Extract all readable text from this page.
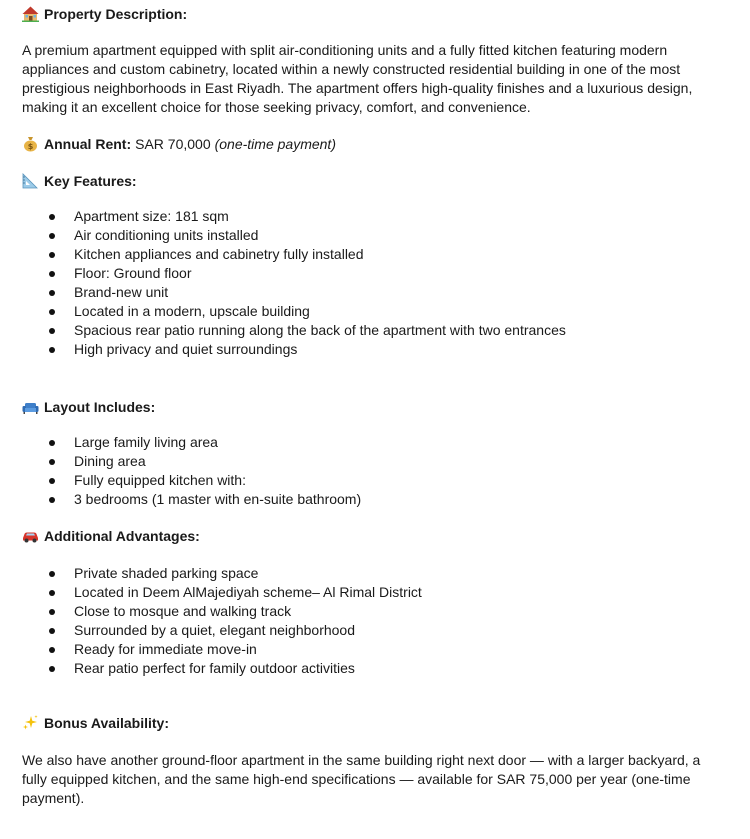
Property Description:

A premium apartment equipped with split air-conditioning units and a fully fitted kitchen featuring modern appliances and custom cabinetry, located within a newly constructed residential building in one of the most prestigious neighborhoods in East Riyadh. The apartment offers high-quality finishes and a luxurious design, making it an excellent choice for those seeking privacy, comfort, and convenience.

$ Annual Rent: SAR 70,000 (one-time payment)
Key Features:
Apartment size: 181 sqm
Air conditioning units installed
Kitchen appliances and cabinetry fully installed
Floor: Ground floor
Brand-new unit
Located in a modern, upscale building
Spacious rear patio running along the back of the apartment with two entrances
High privacy and quiet surroundings
Layout Includes:
Large family living area
Dining area
Fully equipped kitchen with:
3 bedrooms (1 master with en-suite bathroom)
Additional Advantages:
Private shaded parking space
Located in Deem AlMajediyah scheme– Al Rimal District
Close to mosque and walking track
Surrounded by a quiet, elegant neighborhood
Ready for immediate move-in
Rear patio perfect for family outdoor activities
Bonus Availability:

We also have another ground-floor apartment in the same building right next door — with a larger backyard, a fully equipped kitchen, and the same high-end specifications — available for SAR 75,000 per year (one-time payment).
